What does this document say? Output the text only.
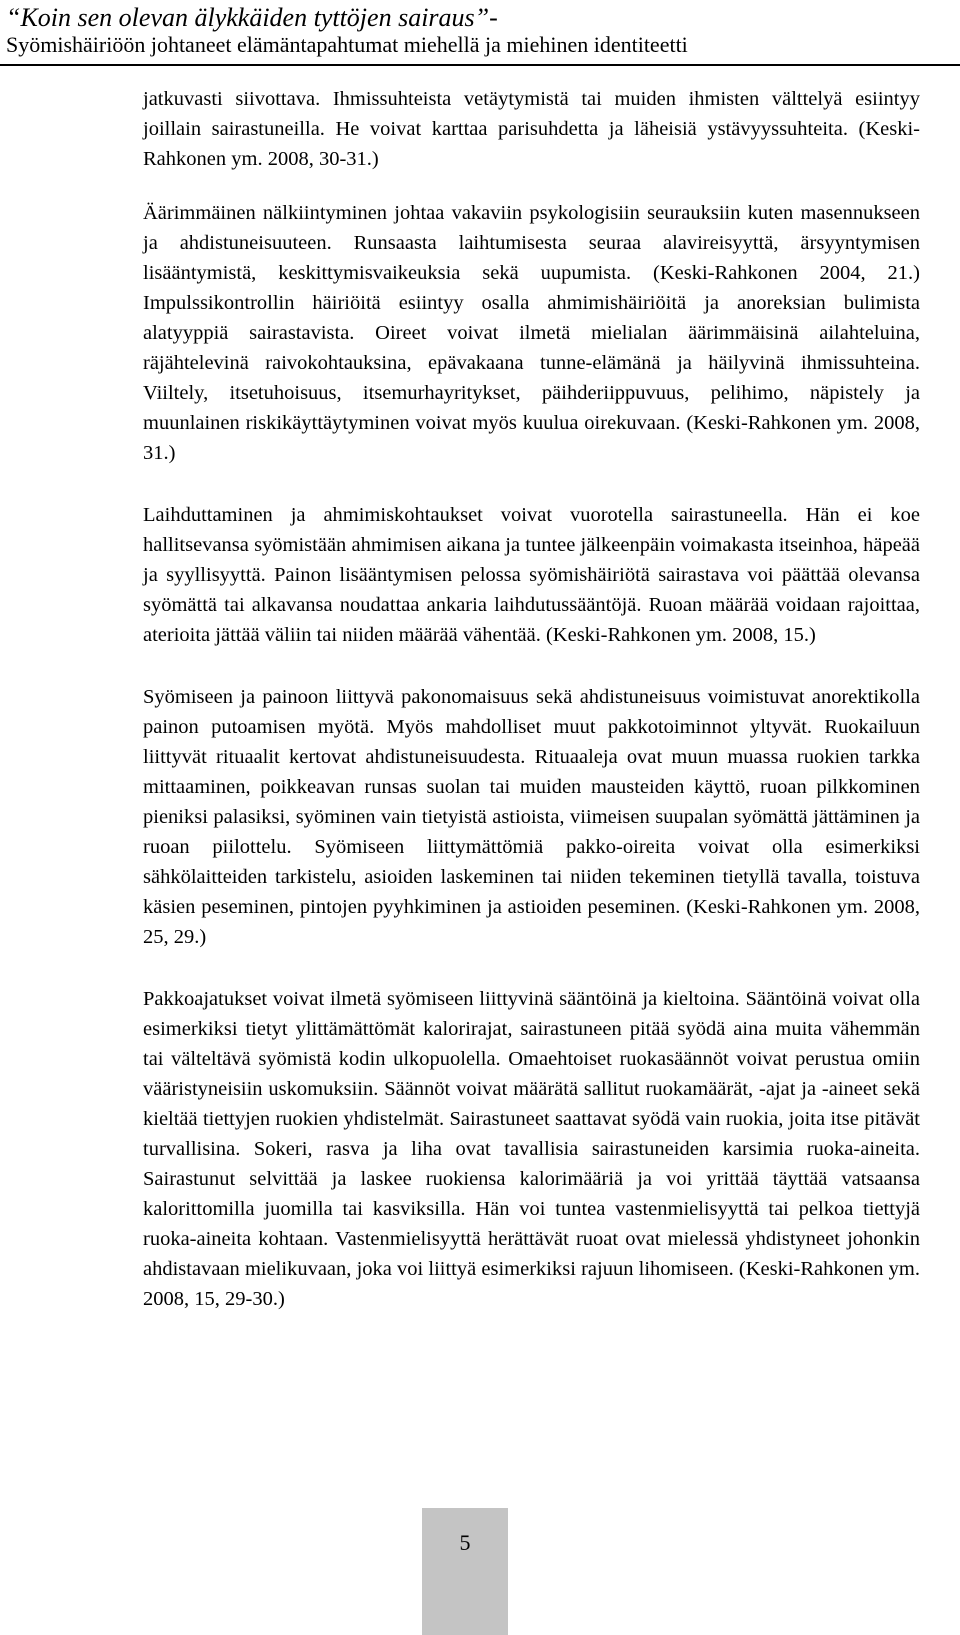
“Koin sen olevan älykkäiden tyttöjen sairaus”-
Syömishäiriöön johtaneet elämäntapahtumat miehellä ja miehinen identiteetti

jatkuvasti siivottava. Ihmissuhteista vetäytymistä tai muiden ihmisten välttelyä esiintyy joillain sairastuneilla. He voivat karttaa parisuhdetta ja läheisiä ystävyyssuhteita. (Keski-Rahkonen ym. 2008, 30-31.)

Äärimmäinen nälkiintyminen johtaa vakaviin psykologisiin seurauksiin kuten masennukseen ja ahdistuneisuuteen. Runsaasta laihtumisesta seuraa alavireisyyttä, ärsyyntymisen lisääntymistä, keskittymisvaikeuksia sekä uupumista. (Keski-Rahkonen 2004, 21.) Impulssikontrollin häiriöitä esiintyy osalla ahmimishäiriöitä ja anoreksian bulimista alatyyppiä sairastavista. Oireet voivat ilmetä mielialan äärimmäisinä ailahteluina, räjähtelevinä raivokohtauksina, epävakaana tunne-elämänä ja häilyvinä ihmissuhteina. Viiltely, itsetuhoisuus, itsemurhayritykset, päihderiippuvuus, pelihimo, näpistely ja muunlainen riskikäyttäytyminen voivat myös kuulua oirekuvaan. (Keski-Rahkonen ym. 2008, 31.)

Laihduttaminen ja ahmimiskohtaukset voivat vuorotella sairastuneella. Hän ei koe hallitsevansa syömistään ahmimisen aikana ja tuntee jälkeenpäin voimakasta itseinhoa, häpeää ja syyllisyyttä. Painon lisääntymisen pelossa syömishäiriötä sairastava voi päättää olevansa syömättä tai alkavansa noudattaa ankaria laihdutussääntöjä. Ruoan määrää voidaan rajoittaa, aterioita jättää väliin tai niiden määrää vähentää. (Keski-Rahkonen ym. 2008, 15.)

Syömiseen ja painoon liittyvä pakonomaisuus sekä ahdistuneisuus voimistuvat anorektikolla painon putoamisen myötä. Myös mahdolliset muut pakkotoiminnot yltyvät. Ruokailuun liittyvät rituaalit kertovat ahdistuneisuudesta. Rituaaleja ovat muun muassa ruokien tarkka mittaaminen, poikkeavan runsas suolan tai muiden mausteiden käyttö, ruoan pilkkominen pieniksi palasiksi, syöminen vain tietyistä astioista, viimeisen suupalan syömättä jättäminen ja ruoan piilottelu. Syömiseen liittymättömiä pakko-oireita voivat olla esimerkiksi sähkölaitteiden tarkistelu, asioiden laskeminen tai niiden tekeminen tietyllä tavalla, toistuva käsien peseminen, pintojen pyyhkiminen ja astioiden peseminen. (Keski-Rahkonen ym. 2008, 25, 29.)

Pakkoajatukset voivat ilmetä syömiseen liittyvinä sääntöinä ja kieltoina. Sääntöinä voivat olla esimerkiksi tietyt ylittämättömät kalorirajat, sairastuneen pitää syödä aina muita vähemmän tai välteltävä syömistä kodin ulkopuolella. Omaehtoiset ruokasäännöt voivat perustua omiin vääristyneisiin uskomuksiin. Säännöt voivat määrätä sallitut ruokamäärät, -ajat ja -aineet sekä kieltää tiettyjen ruokien yhdistelmät. Sairastuneet saattavat syödä vain ruokia, joita itse pitävät turvallisina. Sokeri, rasva ja liha ovat tavallisia sairastuneiden karsimia ruoka-aineita. Sairastunut selvittää ja laskee ruokiensa kalorimääriä ja voi yrittää täyttää vatsaansa kalorittomilla juomilla tai kasviksilla. Hän voi tuntea vastenmielisyyttä tai pelkoa tiettyjä ruoka-aineita kohtaan. Vastenmielisyyttä herättävät ruoat ovat mielessä yhdistyneet johonkin ahdistavaan mielikuvaan, joka voi liittyä esimerkiksi rajuun lihomiseen. (Keski-Rahkonen ym. 2008, 15, 29-30.)

5
